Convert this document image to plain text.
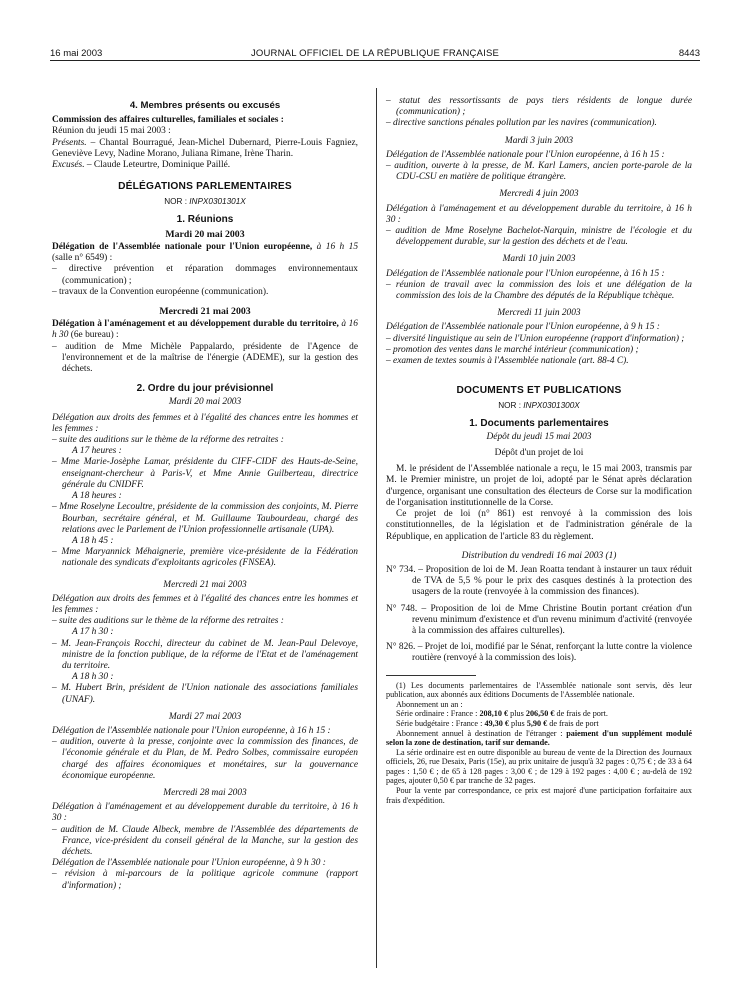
16 mai 2003	JOURNAL OFFICIEL DE LA RÉPUBLIQUE FRANÇAISE	8443
4. Membres présents ou excusés

Commission des affaires culturelles, familiales et sociales :

Réunion du jeudi 15 mai 2003 :

Présents. – Chantal Bourragué, Jean-Michel Dubernard, Pierre-Louis Fagniez, Geneviève Levy, Nadine Morano, Juliana Rimane, Irène Tharin.

Excusés. – Claude Leteurtre, Dominique Paillé.

DÉLÉGATIONS PARLEMENTAIRES
NOR : INPX0301301X
1. Réunions
Mardi 20 mai 2003

Délégation de l'Assemblée nationale pour l'Union européenne, à 16 h 15 (salle n° 6549) :

– directive prévention et réparation dommages environnementaux (communication) ;

– travaux de la Convention européenne (communication).

Mercredi 21 mai 2003

Délégation à l'aménagement et au développement durable du territoire, à 16 h 30 (6e bureau) :

– audition de Mme Michèle Pappalardo, présidente de l'Agence de l'environnement et de la maîtrise de l'énergie (ADEME), sur la gestion des déchets.

2. Ordre du jour prévisionnel
Mardi 20 mai 2003

Délégation aux droits des femmes et à l'égalité des chances entre les hommes et les femmes :

– suite des auditions sur le thème de la réforme des retraites :

A 17 heures :

– Mme Marie-Josèphe Lamar, présidente du CIFF-CIDF des Hauts-de-Seine, enseignant-chercheur à Paris-V, et Mme Annie Guilberteau, directrice générale du CNIDFF.

A 18 heures :

– Mme Roselyne Lecoultre, présidente de la commission des conjoints, M. Pierre Bourban, secrétaire général, et M. Guillaume Taubourdeau, chargé des relations avec le Parlement de l'Union professionnelle artisanale (UPA).

A 18 h 45 :

– Mme Maryannick Méhaignerie, première vice-présidente de la Fédération nationale des syndicats d'exploitants agricoles (FNSEA).

Mercredi 21 mai 2003

Délégation aux droits des femmes et à l'égalité des chances entre les hommes et les femmes :

– suite des auditions sur le thème de la réforme des retraites :

A 17 h 30 :

– M. Jean-François Rocchi, directeur du cabinet de M. Jean-Paul Delevoye, ministre de la fonction publique, de la réforme de l'Etat et de l'aménagement du territoire.

A 18 h 30 :

– M. Hubert Brin, président de l'Union nationale des associations familiales (UNAF).

Mardi 27 mai 2003

Délégation de l'Assemblée nationale pour l'Union européenne, à 16 h 15 :

– audition, ouverte à la presse, conjointe avec la commission des finances, de l'économie générale et du Plan, de M. Pedro Solbes, commissaire européen chargé des affaires économiques et monétaires, sur la gouvernance économique européenne.

Mercredi 28 mai 2003

Délégation à l'aménagement et au développement durable du territoire, à 16 h 30 :

– audition de M. Claude Albeck, membre de l'Assemblée des départements de France, vice-président du conseil général de la Manche, sur la gestion des déchets.

Délégation de l'Assemblée nationale pour l'Union européenne, à 9 h 30 :

– révision à mi-parcours de la politique agricole commune (rapport d'information) ;

– statut des ressortissants de pays tiers résidents de longue durée (communication) ;

– directive sanctions pénales pollution par les navires (communication).

Mardi 3 juin 2003

Délégation de l'Assemblée nationale pour l'Union européenne, à 16 h 15 :

– audition, ouverte à la presse, de M. Karl Lamers, ancien porte-parole de la CDU-CSU en matière de politique étrangère.

Mercredi 4 juin 2003

Délégation à l'aménagement et au développement durable du territoire, à 16 h 30 :

– audition de Mme Roselyne Bachelot-Narquin, ministre de l'écologie et du développement durable, sur la gestion des déchets et de l'eau.

Mardi 10 juin 2003

Délégation de l'Assemblée nationale pour l'Union européenne, à 16 h 15 :

– réunion de travail avec la commission des lois et une délégation de la commission des lois de la Chambre des députés de la République tchèque.

Mercredi 11 juin 2003

Délégation de l'Assemblée nationale pour l'Union européenne, à 9 h 15 :

– diversité linguistique au sein de l'Union européenne (rapport d'information) ;

– promotion des ventes dans le marché intérieur (communication) ;

– examen de textes soumis à l'Assemblée nationale (art. 88-4 C).

DOCUMENTS ET PUBLICATIONS
NOR : INPX0301300X
1. Documents parlementaires
Dépôt du jeudi 15 mai 2003
Dépôt d'un projet de loi

M. le président de l'Assemblée nationale a reçu, le 15 mai 2003, transmis par M. le Premier ministre, un projet de loi, adopté par le Sénat après déclaration d'urgence, organisant une consultation des électeurs de Corse sur la modification de l'organisation institutionnelle de la Corse.

Ce projet de loi (n° 861) est renvoyé à la commission des lois constitutionnelles, de la législation et de l'administration générale de la République, en application de l'article 83 du règlement.

Distribution du vendredi 16 mai 2003 (1)

N° 734. – Proposition de loi de M. Jean Roatta tendant à instaurer un taux réduit de TVA de 5,5 % pour le prix des casques destinés à la protection des usagers de la route (renvoyée à la commission des finances).

N° 748. – Proposition de loi de Mme Christine Boutin portant création d'un revenu minimum d'existence et d'un revenu minimum d'activité (renvoyée à la commission des affaires culturelles).

N° 826. – Projet de loi, modifié par le Sénat, renforçant la lutte contre la violence routière (renvoyé à la commission des lois).

(1) Les documents parlementaires de l'Assemblée nationale sont servis, dès leur publication, aux abonnés aux éditions Documents de l'Assemblée nationale.

Abonnement un an :

Série ordinaire : France : 208,10 € plus 206,50 € de frais de port.

Série budgétaire : France : 49,30 € plus 5,90 € de frais de port

Abonnement annuel à destination de l'étranger : paiement d'un supplément modulé selon la zone de destination, tarif sur demande.

La série ordinaire est en outre disponible au bureau de vente de la Direction des Journaux officiels, 26, rue Desaix, Paris (15e), au prix unitaire de jusqu'à 32 pages : 0,75 € ; de 33 à 64 pages : 1,50 € ; de 65 à 128 pages : 3,00 € ; de 129 à 192 pages : 4,00 € ; au-delà de 192 pages, ajouter 0,50 € par tranche de 32 pages.

Pour la vente par correspondance, ce prix est majoré d'une participation forfaitaire aux frais d'expédition.
